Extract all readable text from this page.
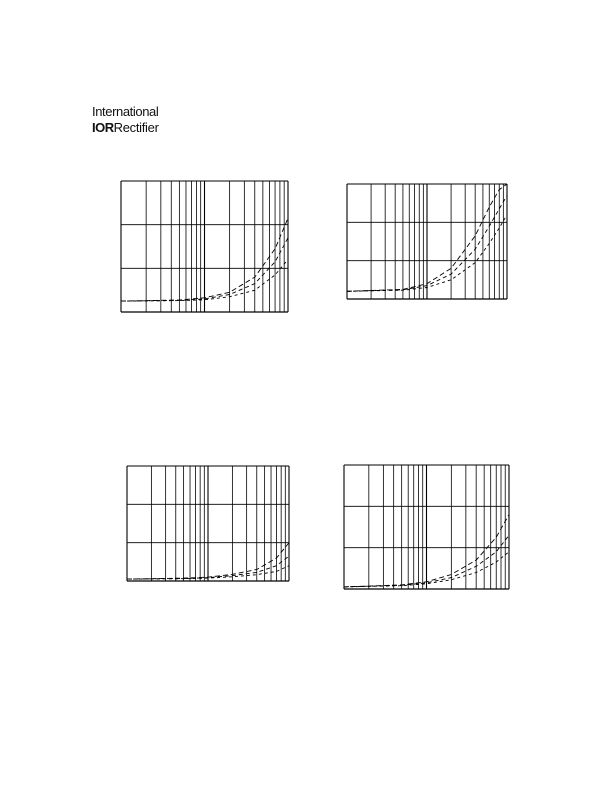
International
IORRectifier
